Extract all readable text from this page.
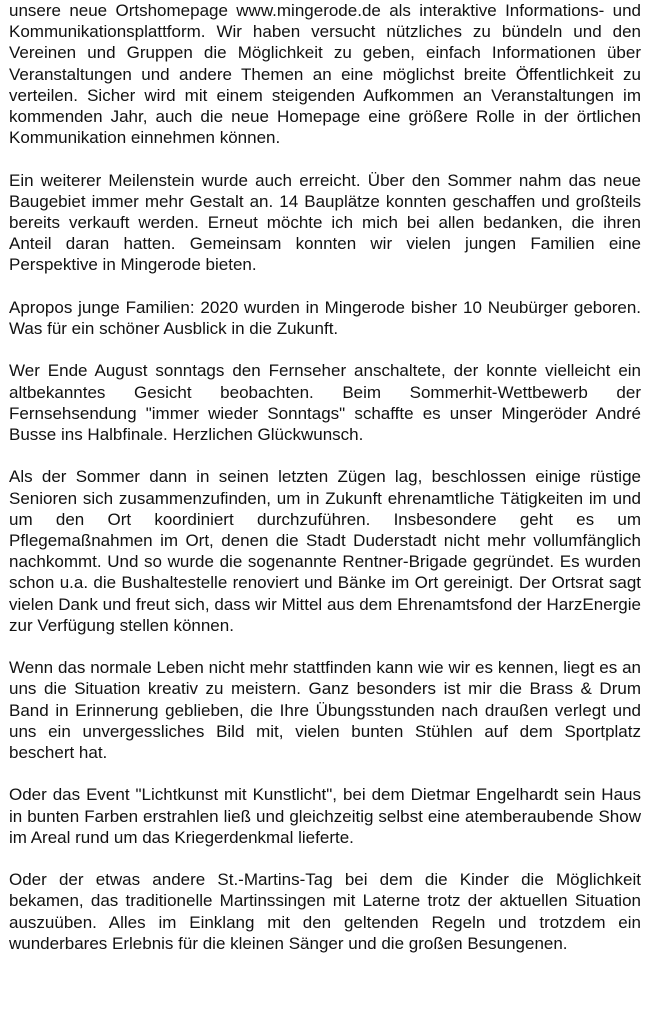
unsere neue Ortshomepage www.mingerode.de als interaktive Informations- und Kommunikationsplattform. Wir haben versucht nützliches zu bündeln und den Vereinen und Gruppen die Möglichkeit zu geben, einfach Informationen über Veranstaltungen und andere Themen an eine möglichst breite Öffentlichkeit zu verteilen. Sicher wird mit einem steigenden Aufkommen an Veranstaltungen im kommenden Jahr, auch die neue Homepage eine größere Rolle in der örtlichen Kommunikation einnehmen können.

Ein weiterer Meilenstein wurde auch erreicht. Über den Sommer nahm das neue Baugebiet immer mehr Gestalt an. 14 Bauplätze konnten geschaffen und großteils bereits verkauft werden. Erneut möchte ich mich bei allen bedanken, die ihren Anteil daran hatten. Gemeinsam konnten wir vielen jungen Familien eine Perspektive in Mingerode bieten.

Apropos junge Familien: 2020 wurden in Mingerode bisher 10 Neubürger geboren. Was für ein schöner Ausblick in die Zukunft.

Wer Ende August sonntags den Fernseher anschaltete, der konnte vielleicht ein altbekanntes Gesicht beobachten. Beim Sommerhit-Wettbewerb der Fernsehsendung "immer wieder Sonntags" schaffte es unser Mingeröder André Busse ins Halbfinale. Herzlichen Glückwunsch.

Als der Sommer dann in seinen letzten Zügen lag, beschlossen einige rüstige Senioren sich zusammenzufinden, um in Zukunft ehrenamtliche Tätigkeiten im und um den Ort koordiniert durchzuführen. Insbesondere geht es um Pflegemaßnahmen im Ort, denen die Stadt Duderstadt nicht mehr vollumfänglich nachkommt. Und so wurde die sogenannte Rentner-Brigade gegründet. Es wurden schon u.a. die Bushaltestelle renoviert und Bänke im Ort gereinigt. Der Ortsrat sagt vielen Dank und freut sich, dass wir Mittel aus dem Ehrenamtsfond der HarzEnergie zur Verfügung stellen können.

Wenn das normale Leben nicht mehr stattfinden kann wie wir es kennen, liegt es an uns die Situation kreativ zu meistern. Ganz besonders ist mir die Brass & Drum Band in Erinnerung geblieben, die Ihre Übungsstunden nach draußen verlegt und uns ein unvergessliches Bild mit, vielen bunten Stühlen auf dem Sportplatz beschert hat.

Oder das Event "Lichtkunst mit Kunstlicht", bei dem Dietmar Engelhardt sein Haus in bunten Farben erstrahlen ließ und gleichzeitig selbst eine atemberaubende Show im Areal rund um das Kriegerdenkmal lieferte.

Oder der etwas andere St.-Martins-Tag bei dem die Kinder die Möglichkeit bekamen, das traditionelle Martinssingen mit Laterne trotz der aktuellen Situation auszuüben. Alles im Einklang mit den geltenden Regeln und trotzdem ein wunderbares Erlebnis für die kleinen Sänger und die großen Besungenen.
